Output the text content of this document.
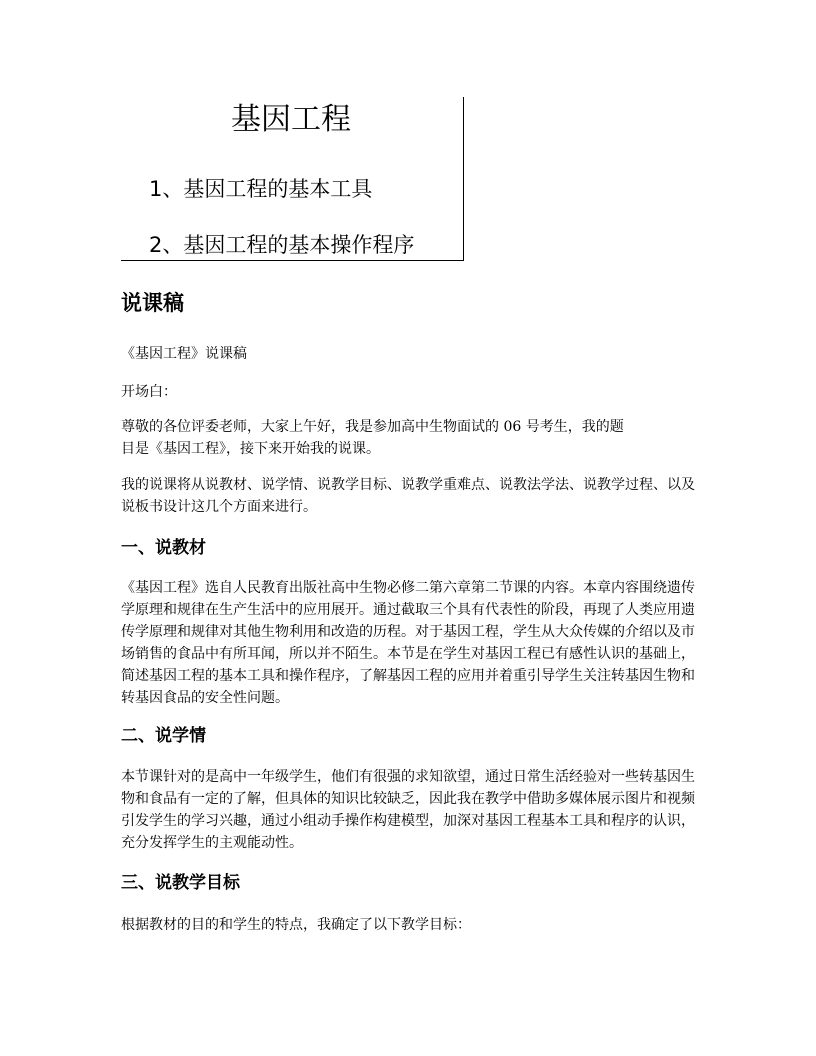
基因工程
1、基因工程的基本工具
2、基因工程的基本操作程序
说课稿

《基因工程》说课稿

开场白：

尊敬的各位评委老师，大家上午好，我是参加高中生物面试的 06 号考生，我的题

目是《基因工程》，接下来开始我的说课。

我的说课将从说教材、说学情、说教学目标、说教学重难点、说教法学法、说教学过程、以及说板书设计这几个方面来进行。

一、说教材

《基因工程》选自人民教育出版社高中生物必修二第六章第二节课的内容。本章内容围绕遗传学原理和规律在生产生活中的应用展开。通过截取三个具有代表性的阶段，再现了人类应用遗传学原理和规律对其他生物利用和改造的历程。对于基因工程，学生从大众传媒的介绍以及市场销售的食品中有所耳闻，所以并不陌生。本节是在学生对基因工程已有感性认识的基础上，简述基因工程的基本工具和操作程序，了解基因工程的应用并着重引导学生关注转基因生物和转基因食品的安全性问题。

二、说学情

本节课针对的是高中一年级学生，他们有很强的求知欲望，通过日常生活经验对一些转基因生物和食品有一定的了解，但具体的知识比较缺乏，因此我在教学中借助多媒体展示图片和视频引发学生的学习兴趣，通过小组动手操作构建模型，加深对基因工程基本工具和程序的认识，充分发挥学生的主观能动性。

三、说教学目标

根据教材的目的和学生的特点，我确定了以下教学目标：
